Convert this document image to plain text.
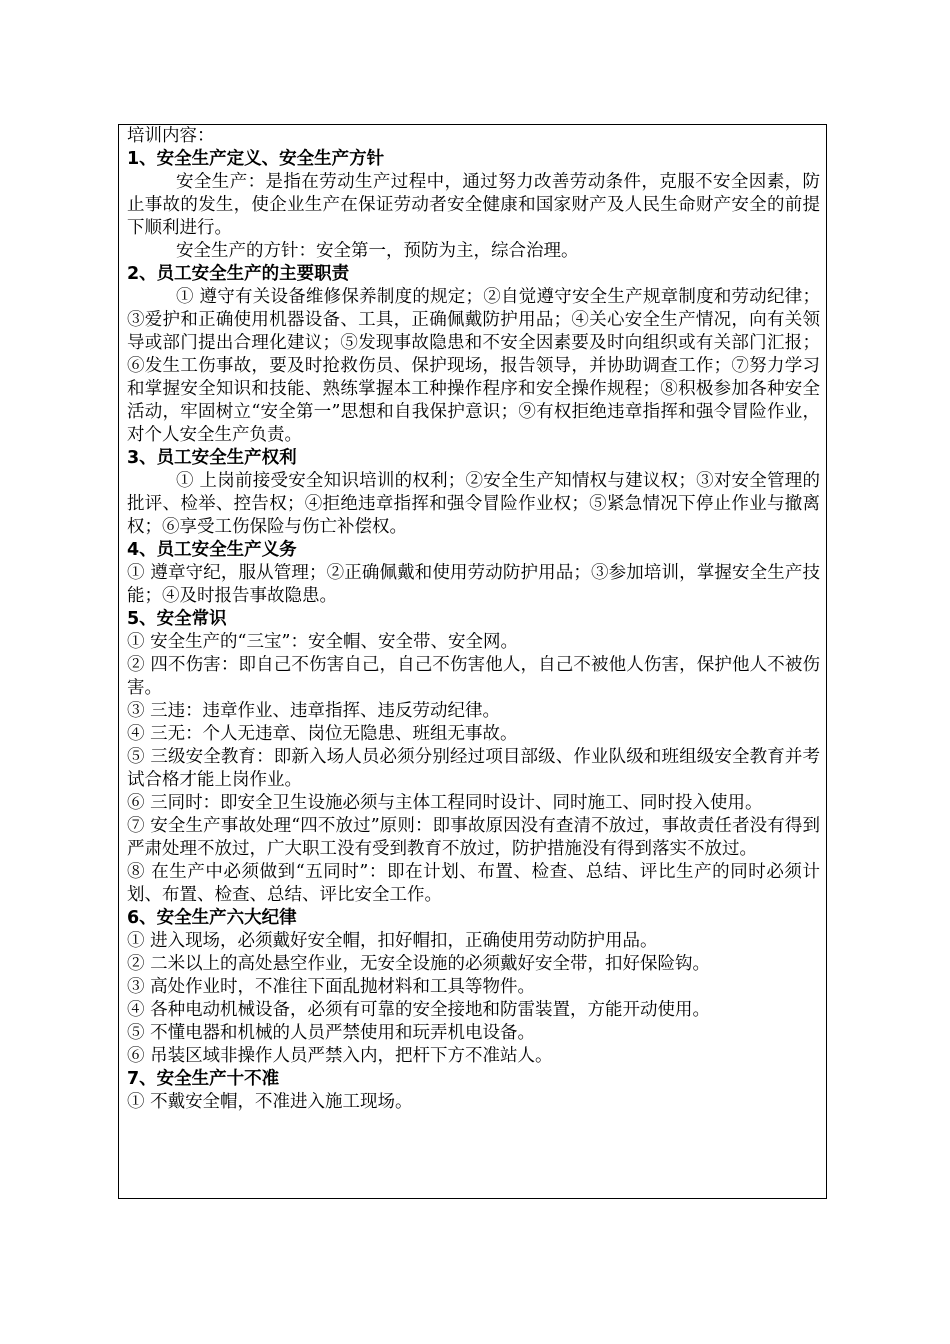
培训内容：

1、安全生产定义、安全生产方针

安全生产：是指在劳动生产过程中，通过努力改善劳动条件，克服不安全因素，防止事故的发生，使企业生产在保证劳动者安全健康和国家财产及人民生命财产安全的前提下顺利进行。

安全生产的方针：安全第一，预防为主，综合治理。

2、员工安全生产的主要职责

① 遵守有关设备维修保养制度的规定；②自觉遵守安全生产规章制度和劳动纪律；③爱护和正确使用机器设备、工具，正确佩戴防护用品；④关心安全生产情况，向有关领导或部门提出合理化建议；⑤发现事故隐患和不安全因素要及时向组织或有关部门汇报；⑥发生工伤事故，要及时抢救伤员、保护现场，报告领导，并协助调查工作；⑦努力学习和掌握安全知识和技能、熟练掌握本工种操作程序和安全操作规程；⑧积极参加各种安全活动，牢固树立“安全第一”思想和自我保护意识；⑨有权拒绝违章指挥和强令冒险作业，对个人安全生产负责。

3、员工安全生产权利

① 上岗前接受安全知识培训的权利；②安全生产知情权与建议权；③对安全管理的批评、检举、控告权；④拒绝违章指挥和强令冒险作业权；⑤紧急情况下停止作业与撤离权；⑥享受工伤保险与伤亡补偿权。

4、员工安全生产义务

① 遵章守纪，服从管理；②正确佩戴和使用劳动防护用品；③参加培训，掌握安全生产技能；④及时报告事故隐患。

5、安全常识

① 安全生产的“三宝”：安全帽、安全带、安全网。

② 四不伤害：即自己不伤害自己，自己不伤害他人，自己不被他人伤害，保护他人不被伤害。

③ 三违：违章作业、违章指挥、违反劳动纪律。

④ 三无：个人无违章、岗位无隐患、班组无事故。

⑤ 三级安全教育：即新入场人员必须分别经过项目部级、作业队级和班组级安全教育并考试合格才能上岗作业。

⑥ 三同时：即安全卫生设施必须与主体工程同时设计、同时施工、同时投入使用。

⑦ 安全生产事故处理“四不放过”原则：即事故原因没有查清不放过，事故责任者没有得到严肃处理不放过，广大职工没有受到教育不放过，防护措施没有得到落实不放过。

⑧ 在生产中必须做到“五同时”：即在计划、布置、检查、总结、评比生产的同时必须计划、布置、检查、总结、评比安全工作。

6、安全生产六大纪律

① 进入现场，必须戴好安全帽，扣好帽扣，正确使用劳动防护用品。

② 二米以上的高处悬空作业，无安全设施的必须戴好安全带，扣好保险钩。

③ 高处作业时，不准往下面乱抛材料和工具等物件。

④ 各种电动机械设备，必须有可靠的安全接地和防雷装置，方能开动使用。

⑤ 不懂电器和机械的人员严禁使用和玩弄机电设备。

⑥ 吊装区域非操作人员严禁入内，把杆下方不准站人。

7、安全生产十不准

① 不戴安全帽，不准进入施工现场。
